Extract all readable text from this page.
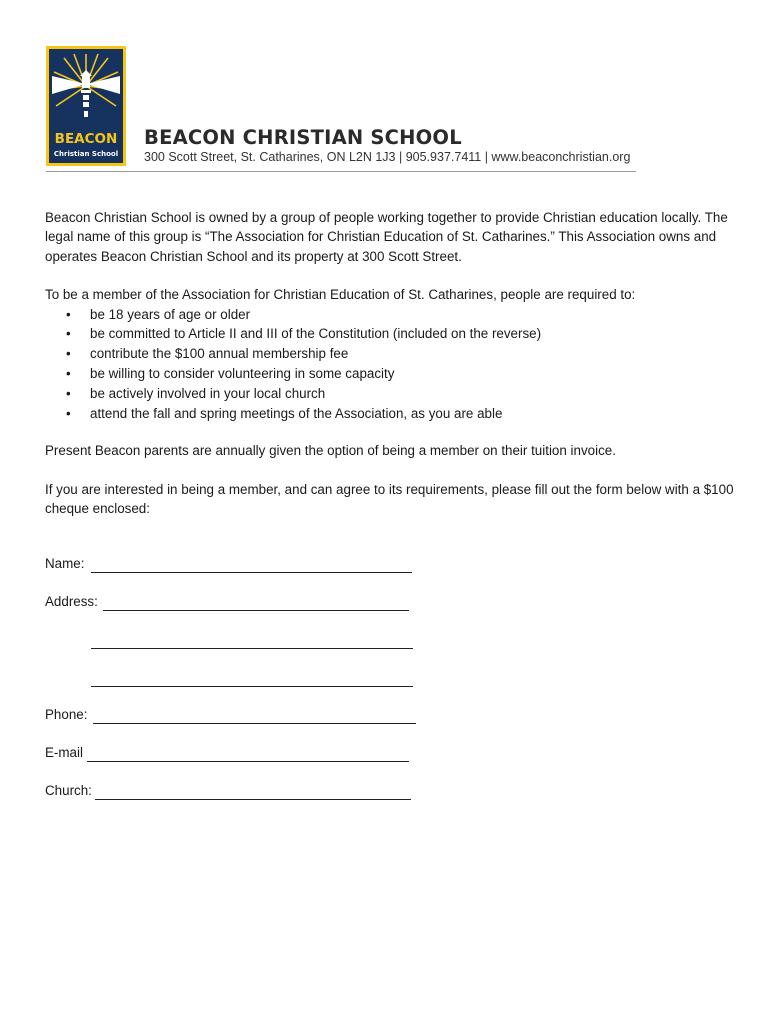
BEACON
Christian School
BEACON CHRISTIAN SCHOOL
300 Scott Street, St. Catharines, ON L2N 1J3 | 905.937.7411 | www.beaconchristian.org

Beacon Christian School is owned by a group of people working together to provide Christian education locally. The legal name of this group is “The Association for Christian Education of St. Catharines.” This Association owns and operates Beacon Christian School and its property at 300 Scott Street.

To be a member of the Association for Christian Education of St. Catharines, people are required to:

• be 18 years of age or older
• be committed to Article II and III of the Constitution (included on the reverse)
• contribute the $100 annual membership fee
• be willing to consider volunteering in some capacity
• be actively involved in your local church
• attend the fall and spring meetings of the Association, as you are able

Present Beacon parents are annually given the option of being a member on their tuition invoice.

If you are interested in being a member, and can agree to its requirements, please fill out the form below with a $100 cheque enclosed:

Name:
Address:
Phone:
E-mail
Church:
